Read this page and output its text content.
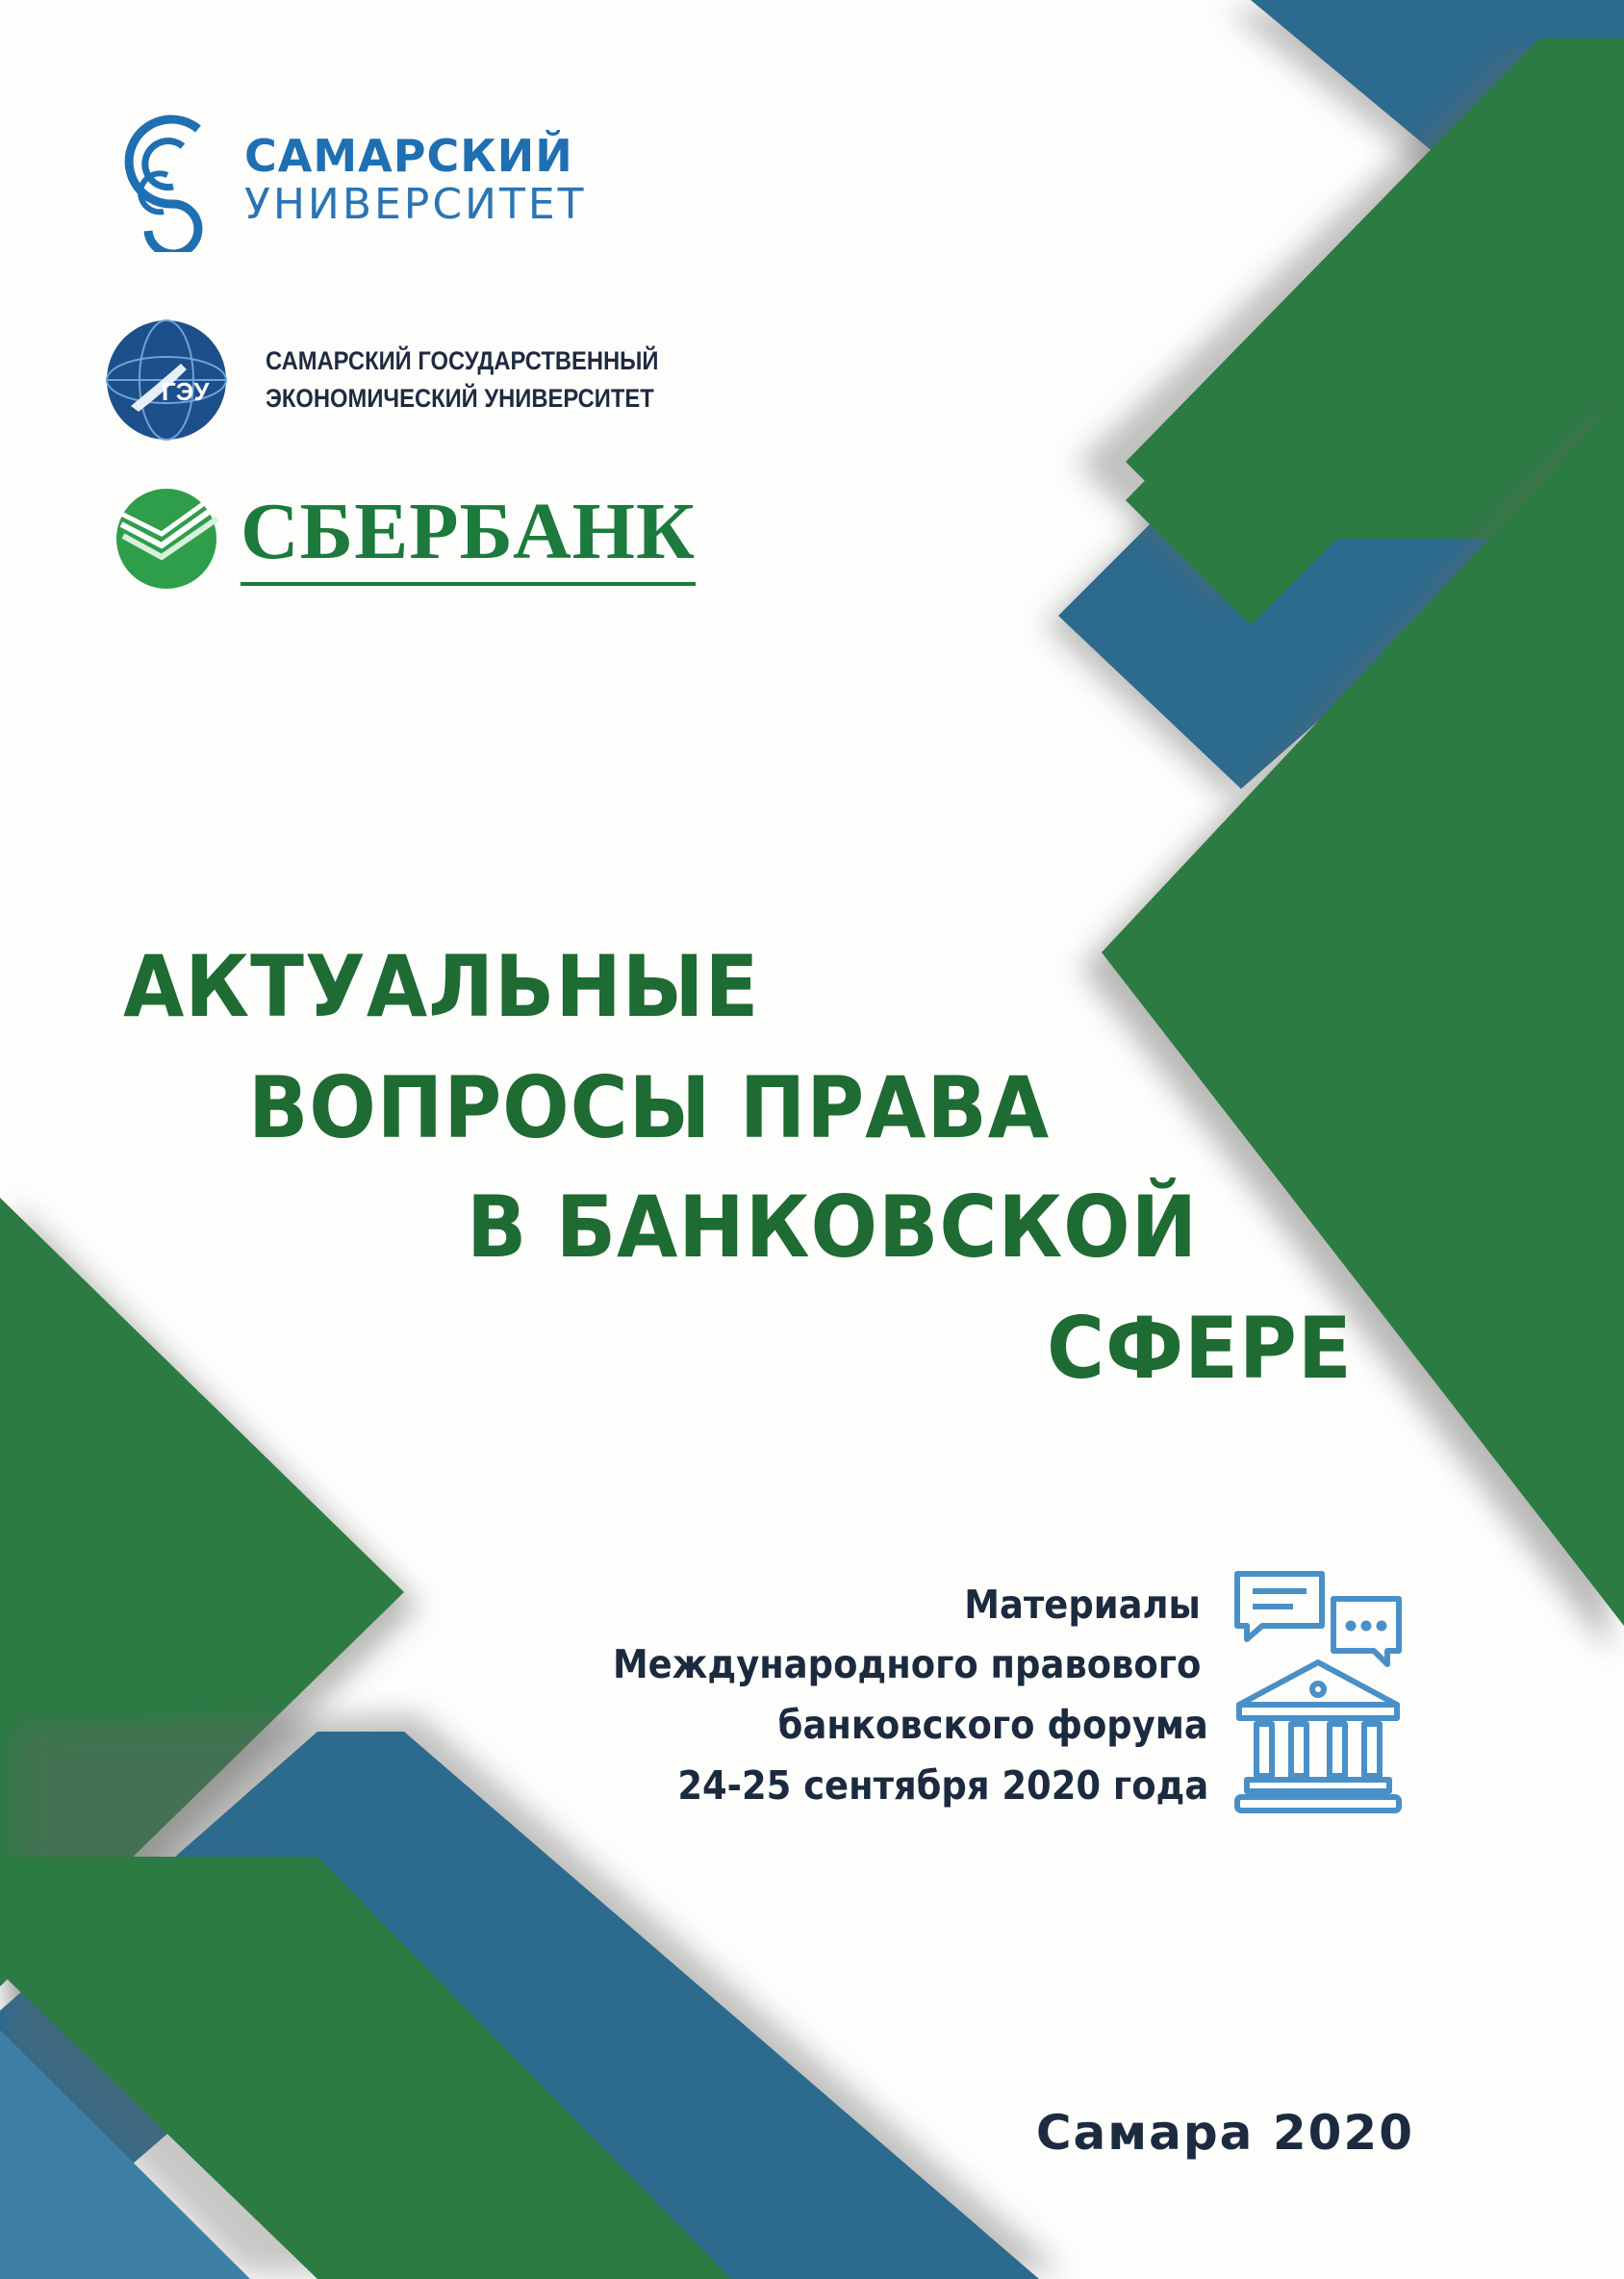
САМАРСКИЙ
УНИВЕРСИТЕТ
ГЭУ
САМАРСКИЙ ГОСУДАРСТВЕННЫЙ
ЭКОНОМИЧЕСКИЙ УНИВЕРСИТЕТ
СБЕРБАНК
АКТУАЛЬНЫЕ
ВОПРОСЫ ПРАВА
В БАНКОВСКОЙ
СФЕРЕ
Материалы
Международного правового
банковского форума
24-25 сентября 2020 года
Самара 2020
